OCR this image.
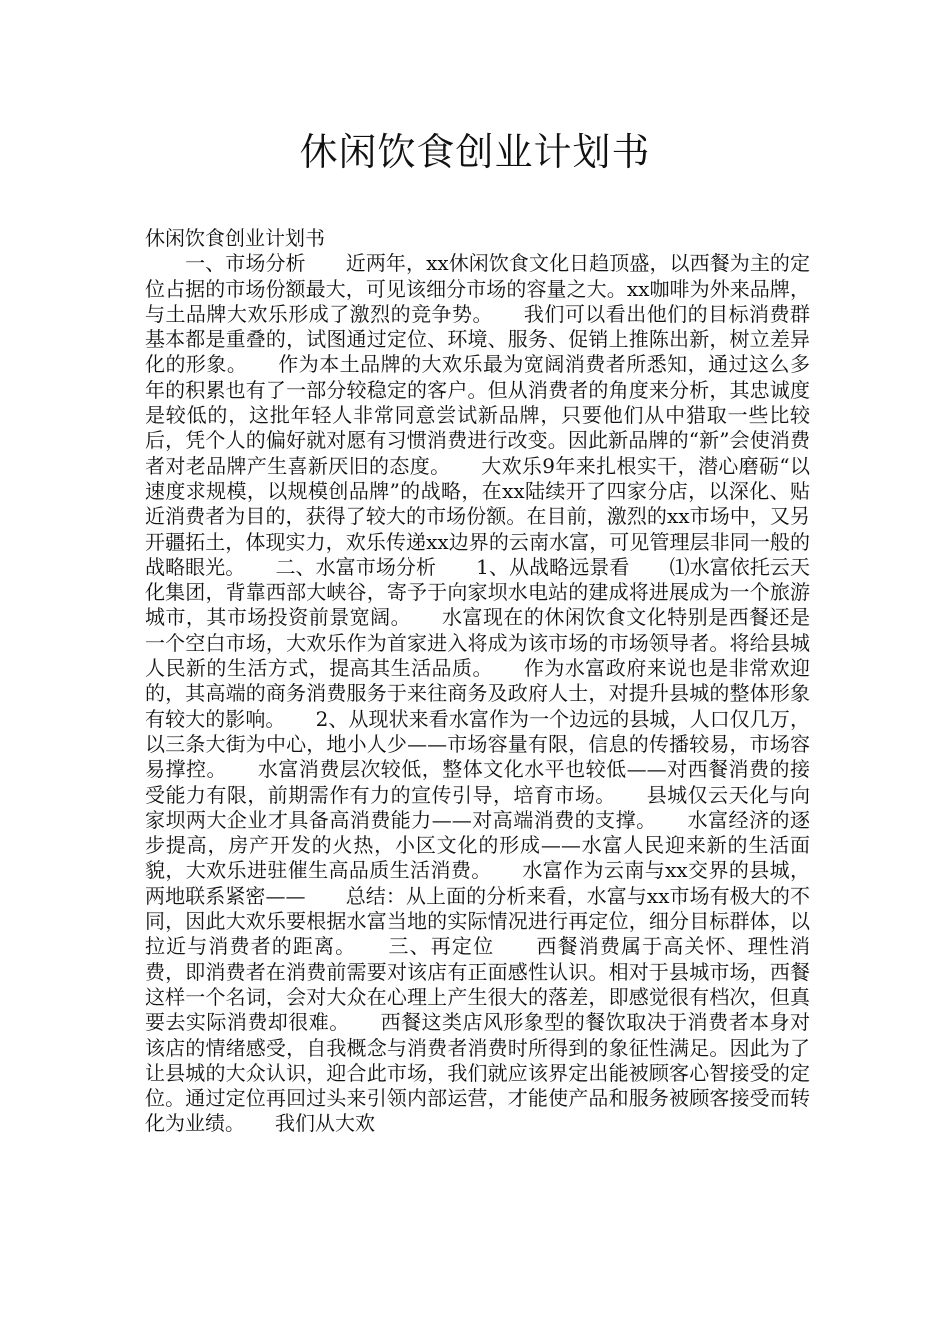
休闲饮食创业计划书

休闲饮食创业计划书

　　一、市场分析　　近两年，xx休闲饮食文化日趋顶盛，以西餐为主的定位占据的市场份额最大，可见该细分市场的容量之大。xx咖啡为外来品牌，与土品牌大欢乐形成了激烈的竞争势。　　我们可以看出他们的目标消费群基本都是重叠的，试图通过定位、环境、服务、促销上推陈出新，树立差异化的形象。　　作为本土品牌的大欢乐最为宽阔消费者所悉知，通过这么多年的积累也有了一部分较稳定的客户。但从消费者的角度来分析，其忠诚度是较低的，这批年轻人非常同意尝试新品牌，只要他们从中猎取一些比较后，凭个人的偏好就对愿有习惯消费进行改变。因此新品牌的“新”会使消费者对老品牌产生喜新厌旧的态度。　　大欢乐9年来扎根实干，潜心磨砺“以速度求规模，以规模创品牌”的战略，在xx陆续开了四家分店，以深化、贴近消费者为目的，获得了较大的市场份额。在目前，激烈的xx市场中，又另开疆拓土，体现实力，欢乐传递xx边界的云南水富，可见管理层非同一般的战略眼光。　　二、水富市场分析　　1、从战略远景看　　⑴水富依托云天化集团，背靠西部大峡谷，寄予于向家坝水电站的建成将进展成为一个旅游城市，其市场投资前景宽阔。　　水富现在的休闲饮食文化特别是西餐还是一个空白市场，大欢乐作为首家进入将成为该市场的市场领导者。将给县城人民新的生活方式，提高其生活品质。　　作为水富政府来说也是非常欢迎的，其高端的商务消费服务于来往商务及政府人士，对提升县城的整体形象有较大的影响。　　2、从现状来看水富作为一个边远的县城，人口仅几万，以三条大街为中心，地小人少——市场容量有限，信息的传播较易，市场容易撑控。　　水富消费层次较低，整体文化水平也较低——对西餐消费的接受能力有限，前期需作有力的宣传引导，培育市场。　　县城仅云天化与向家坝两大企业才具备高消费能力——对高端消费的支撑。　　水富经济的逐步提高，房产开发的火热，小区文化的形成——水富人民迎来新的生活面貌，大欢乐进驻催生高品质生活消费。　　水富作为云南与xx交界的县城，两地联系紧密——　　总结：从上面的分析来看，水富与xx市场有极大的不同，因此大欢乐要根据水富当地的实际情况进行再定位，细分目标群体，以拉近与消费者的距离。　　三、再定位　　西餐消费属于高关怀、理性消费，即消费者在消费前需要对该店有正面感性认识。相对于县城市场，西餐这样一个名词，会对大众在心理上产生很大的落差，即感觉很有档次，但真要去实际消费却很难。　　西餐这类店风形象型的餐饮取决于消费者本身对该店的情绪感受，自我概念与消费者消费时所得到的象征性满足。因此为了让县城的大众认识，迎合此市场，我们就应该界定出能被顾客心智接受的定位。通过定位再回过头来引领内部运营，才能使产品和服务被顾客接受而转化为业绩。　　我们从大欢
